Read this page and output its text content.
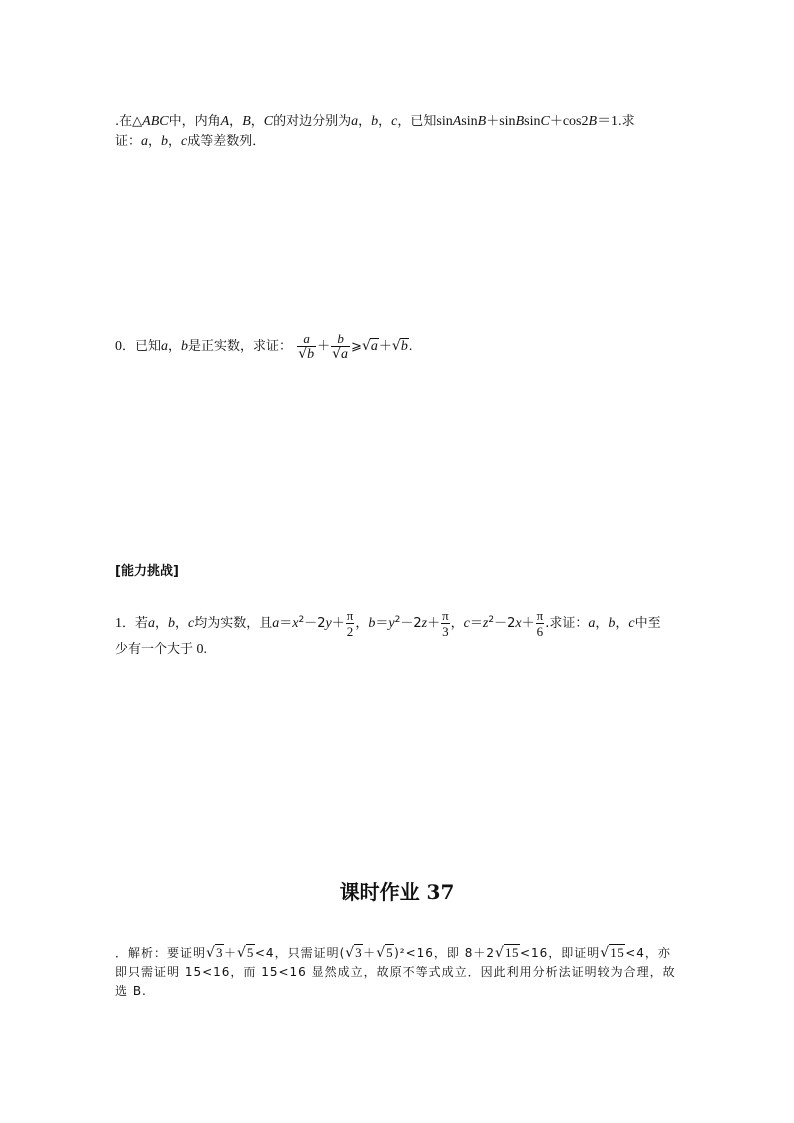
.在△ABC中，内角A，B，C的对边分别为a，b，c，已知sinAsinB＋sinBsinC＋cos2B＝1.求
证：a，b，c成等差数列．
0．已知a，b是正实数，求证： $\frac{a}{√b} + \frac{b}{√a}$ ⩾√a＋√b.
[能力挑战]
1．若a，b，c均为实数，且$a=x^2-2y+ \frac{\pi}{2}$ ，$b=y^2-2z+ \frac{\pi}{3}$ ，$c=z^2-2x+ \frac{\pi}{6}$ .求证：a，b，c中至
少有一个大于 0.
课时作业 37
．解析：要证明√3＋√5<4，只需证明(√3＋√5)²<16，即 8＋2√15<16，即证明√15<4，亦
即只需证明 15<16，而 15<16 显然成立，故原不等式成立．因此利用分析法证明较为合理，故
选 B.
